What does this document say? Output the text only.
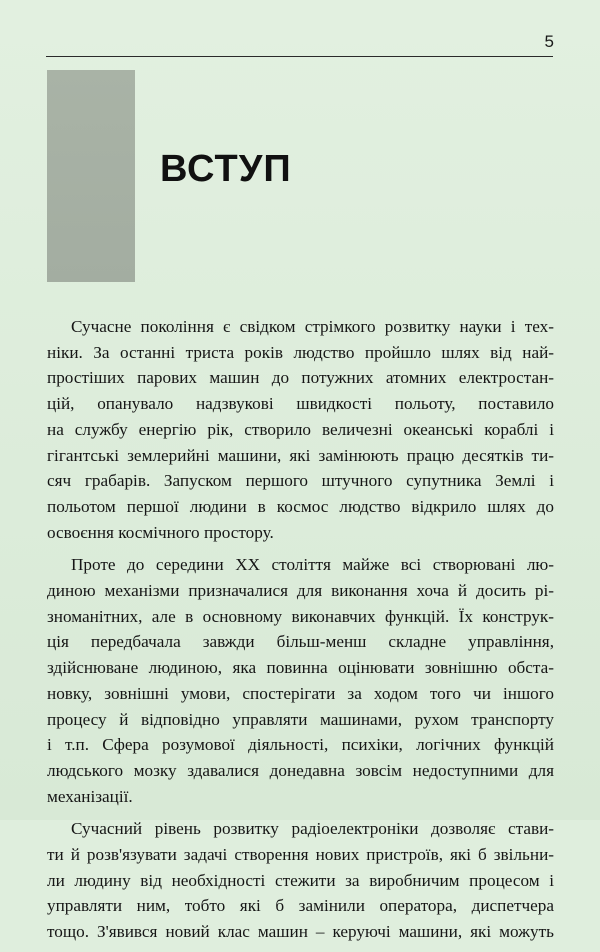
5
ВСТУП
Сучасне покоління є свідком стрімкого розвитку науки і тех-
ніки. За останні триста років людство пройшло шлях від най-
простіших парових машин до потужних атомних електростан-
цій, опанувало надзвукові швидкості польоту, поставило
на службу енергію рік, створило величезні океанські кораблі і
гігантські землерийні машини, які замінюють працю десятків ти-
сяч грабарів. Запуском першого штучного супутника Землі і
польотом першої людини в космос людство відкрило шлях до
освоєння космічного простору.
Проте до середини XX століття майже всі створювані лю-
диною механізми призначалися для виконання хоча й досить рі-
зноманітних, але в основному виконавчих функцій. Їх конструк-
ція передбачала завжди більш-менш складне управління,
здійснюване людиною, яка повинна оцінювати зовнішню обста-
новку, зовнішні умови, спостерігати за ходом того чи іншого
процесу й відповідно управляти машинами, рухом транспорту
і т.п. Сфера розумової діяльності, психіки, логічних функцій
людського мозку здавалися донедавна зовсім недоступними для
механізації.
Сучасний рівень розвитку радіоелектроніки дозволяє стави-
ти й розв'язувати задачі створення нових пристроїв, які б звільни-
ли людину від необхідності стежити за виробничим процесом і
управляти ним, тобто які б замінили оператора, диспетчера
тощо. З'явився новий клас машин – керуючі машини, які можуть
